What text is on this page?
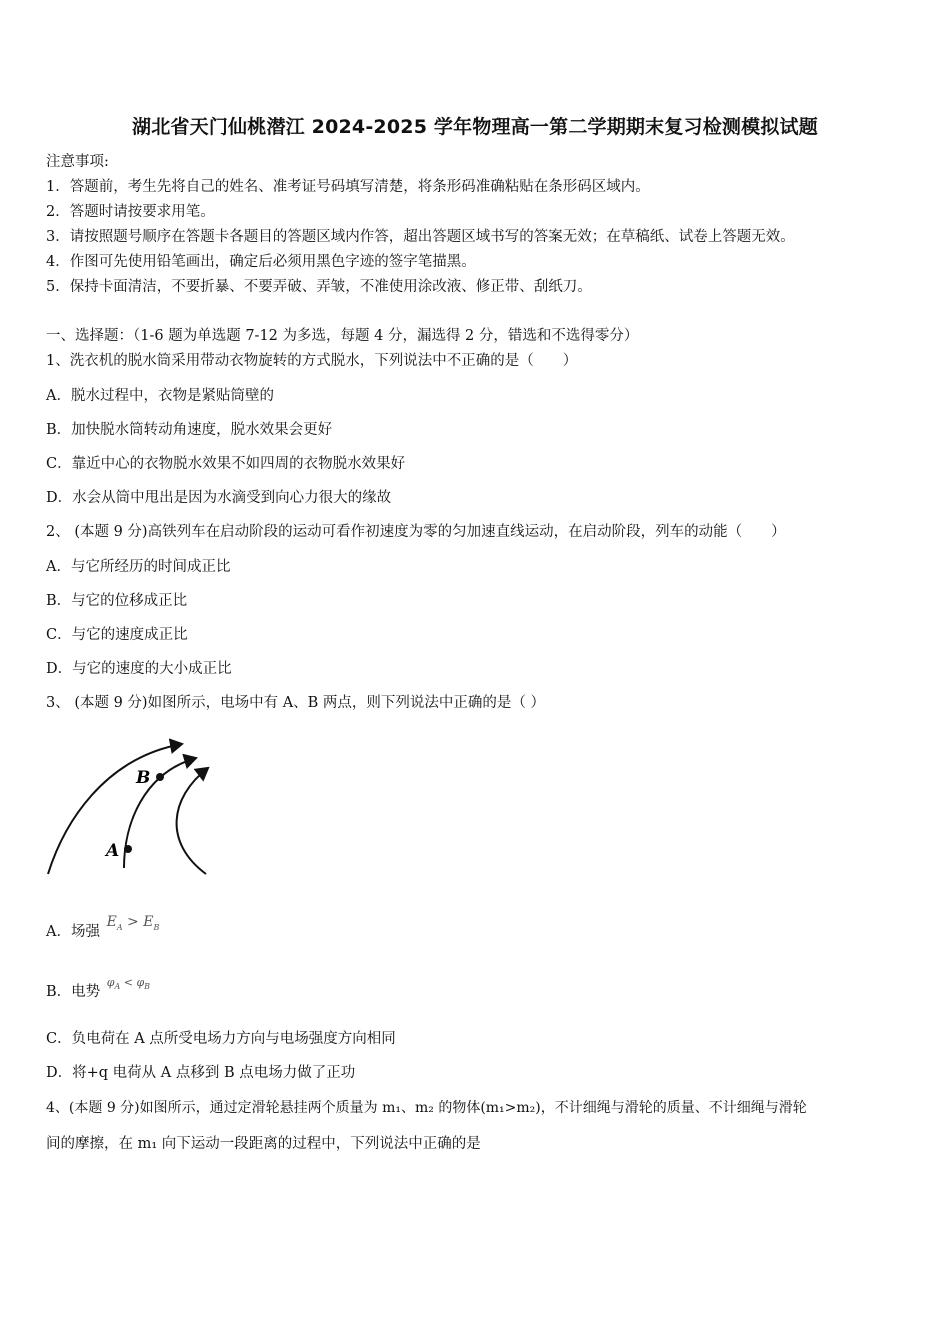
湖北省天门仙桃潜江 2024-2025 学年物理高一第二学期期末复习检测模拟试题
注意事项:
1．答题前，考生先将自己的姓名、准考证号码填写清楚，将条形码准确粘贴在条形码区域内。
2．答题时请按要求用笔。
3．请按照题号顺序在答题卡各题目的答题区域内作答，超出答题区域书写的答案无效；在草稿纸、试卷上答题无效。
4．作图可先使用铅笔画出，确定后必须用黑色字迹的签字笔描黑。
5．保持卡面清洁，不要折暴、不要弄破、弄皱，不准使用涂改液、修正带、刮纸刀。
一、选择题：（1-6 题为单选题 7-12 为多选，每题 4 分，漏选得 2 分，错选和不选得零分）
1、洗衣机的脱水筒采用带动衣物旋转的方式脱水，下列说法中不正确的是（　　）
A．脱水过程中，衣物是紧贴筒壁的
B．加快脱水筒转动角速度，脱水效果会更好
C．靠近中心的衣物脱水效果不如四周的衣物脱水效果好
D．水会从筒中甩出是因为水滴受到向心力很大的缘故
2、 (本题 9 分)高铁列车在启动阶段的运动可看作初速度为零的匀加速直线运动，在启动阶段，列车的动能（　　）
A．与它所经历的时间成正比
B．与它的位移成正比
C．与它的速度成正比
D．与它的速度的大小成正比
3、 (本题 9 分)如图所示，电场中有 A、B 两点，则下列说法中正确的是（ ）
A
B
A．场强 $E_A > E_B$
B．电势 $^{\varphi_A < \varphi_B}$
C．负电荷在 A 点所受电场力方向与电场强度方向相同
D．将+q 电荷从 A 点移到 B 点电场力做了正功
4、(本题 9 分)如图所示，通过定滑轮悬挂两个质量为 m₁、m₂ 的物体(m₁>m₂)，不计细绳与滑轮的质量、不计细绳与滑轮
间的摩擦，在 m₁ 向下运动一段距离的过程中，下列说法中正确的是
